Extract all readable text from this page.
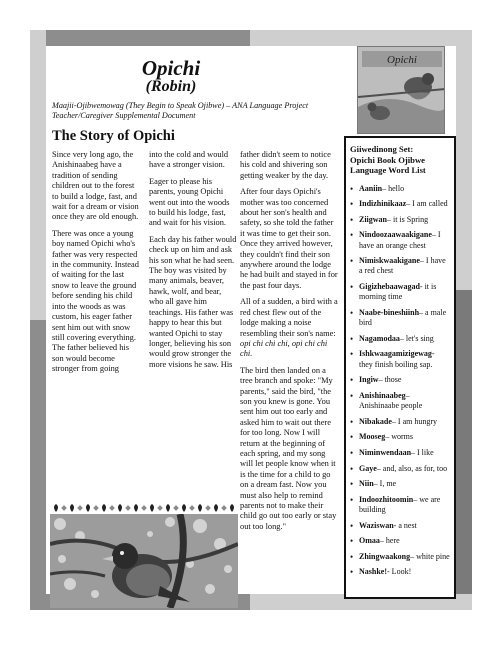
Opichi
(Robin)
Maajii-Ojibwemowag (They Begin to Speak Ojibwe) – ANA Language Project
Teacher/Caregiver Supplemental Document
Opichi
The Story of Opichi

Since very long ago, the Anishinaabeg have a tradition of sending children out to the forest to build a lodge, fast, and wait for a dream or vision once they are old enough.

There was once a young boy named Opichi who's father was very respected in the community. Instead of waiting for the last snow to leave the ground before sending his child into the woods as was custom, his eager father sent him out with snow still covering everything. The father believed his son would become stronger from going

into the cold and would have a stronger vision.

Eager to please his parents, young Opichi went out into the woods to build his lodge, fast, and wait for his vision.

Each day his father would check up on him and ask his son what he had seen. The boy was visited by many animals, beaver, hawk, wolf, and bear, who all gave him teachings. His father was happy to hear this but wanted Opichi to stay longer, believing his son would grow stronger the more visions he saw. His

father didn't seem to notice his cold and shivering son getting weaker by the day.

After four days Opichi's mother was too concerned about her son's health and safety, so she told the father it was time to get their son. Once they arrived however, they couldn't find their son anywhere around the lodge he had built and stayed in for the past four days.

All of a sudden, a bird with a red chest flew out of the lodge making a noise resembling their son's name: opi chi chi chi, opi chi chi chi.

The bird then landed on a tree branch and spoke: "My parents," said the bird, "the son you knew is gone. You sent him out too early and asked him to wait out there for too long. Now I will return at the beginning of each spring, and my song will let people know when it is the time for a child to go on a dream fast. Now you must also help to remind parents not to make their child go out too early or stay out too long."

Giiwedinong Set:
Opichi Book Ojibwe Language Word List
• Aaniin– hello
• Indizhinikaaz– I am called
• Ziigwan– it is Spring
• Nindoozaawaakigane– I have an orange chest
• Nimiskwaakigane– I have a red chest
• Gigizhebaawagad- it is morning time
• Naabe-bineshiinh– a male bird
• Nagamodaa– let's sing
• Ishkwaagamizigewag- they finish boiling sap.
• Ingiw– those
• Anishinaabeg– Anishinaabe people
• Nibakade– I am hungry
• Mooseg– worms
• Niminwendaan– I like
• Gaye– and, also, as for, too
• Niin– I, me
• Indoozhitoomin– we are building
• Waziswan- a nest
• Omaa– here
• Zhingwaakong– white pine
• Nashke!- Look!
